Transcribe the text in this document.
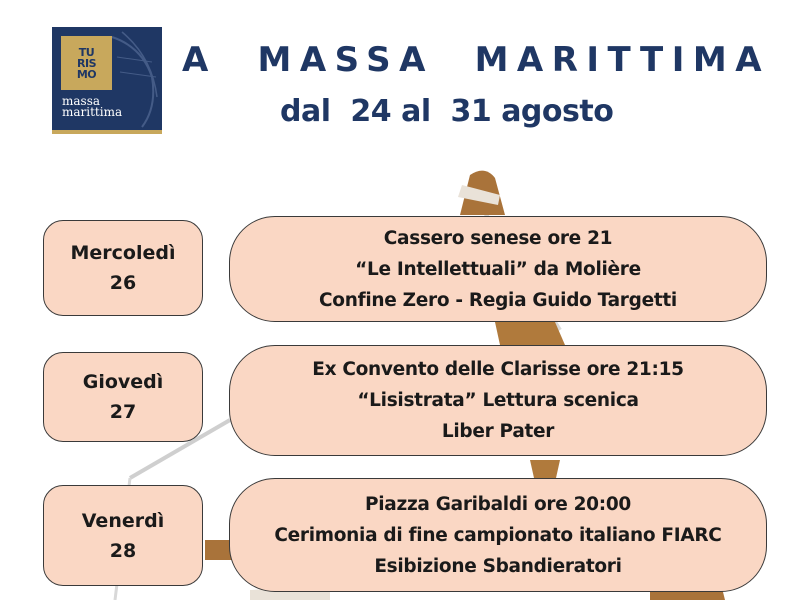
TU
RIS
MO
massa
marittima
A  MASSA  MARITTIMA
dal  24 al  31 agosto
Mercoledì
26
Cassero senese ore 21
“Le Intellettuali” da Molière
Confine Zero - Regia Guido Targetti
Giovedì
27
Ex Convento delle Clarisse ore 21:15
“Lisistrata” Lettura scenica
Liber Pater
Venerdì
28
Piazza Garibaldi ore 20:00
Cerimonia di fine campionato italiano FIARC
Esibizione Sbandieratori
